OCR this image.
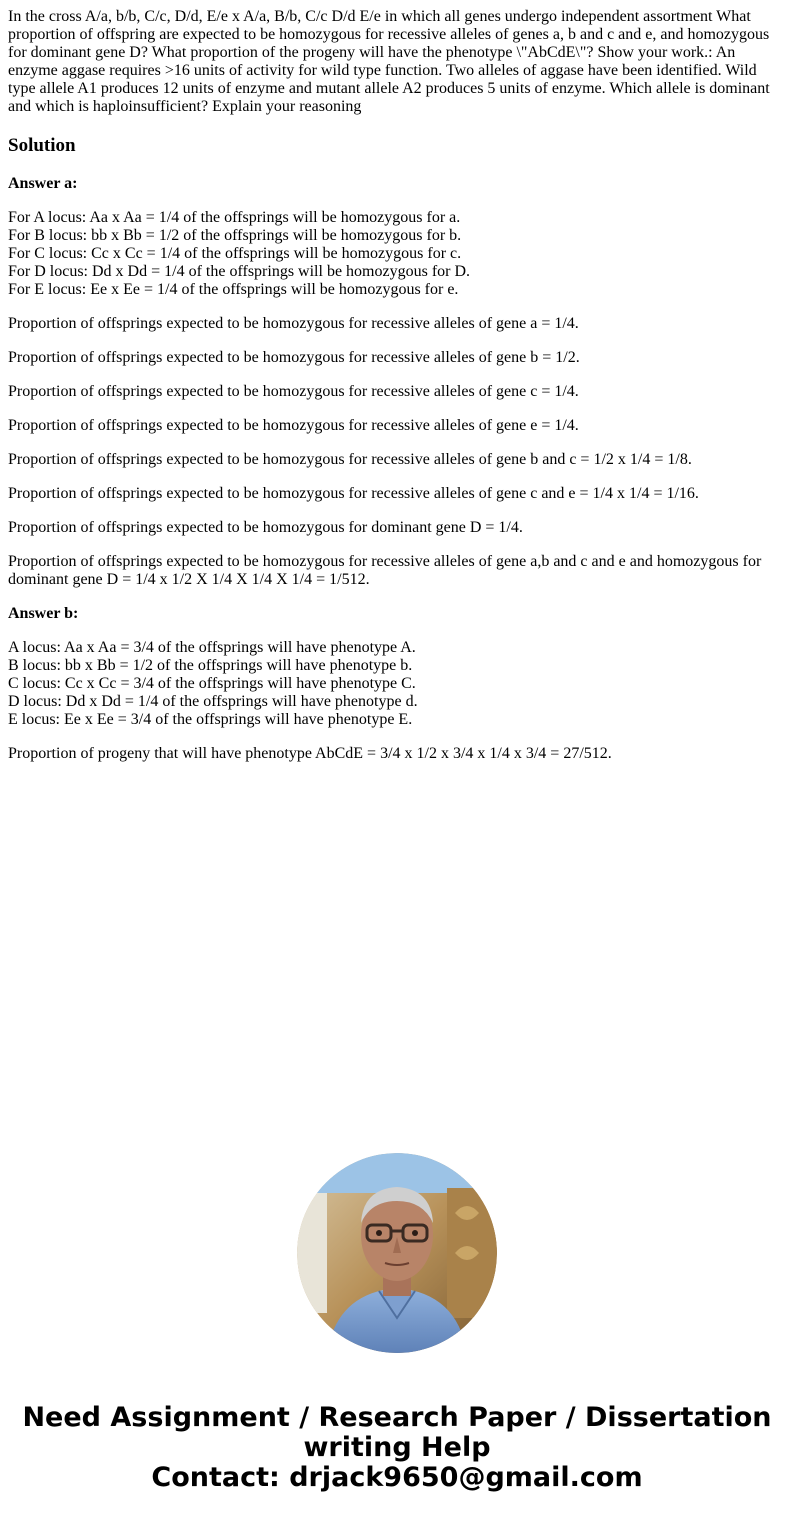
In the cross A/a, b/b, C/c, D/d, E/e x A/a, B/b, C/c D/d E/e in which all genes undergo independent assortment What proportion of offspring are expected to be homozygous for recessive alleles of genes a, b and c and e, and homozygous for dominant gene D? What proportion of the progeny will have the phenotype \"AbCdE\"? Show your work.: An enzyme aggase requires >16 units of activity for wild type function. Two alleles of aggase have been identified. Wild type allele A1 produces 12 units of enzyme and mutant allele A2 produces 5 units of enzyme. Which allele is dominant and which is haploinsufficient? Explain your reasoning
Solution

Answer a:

For A locus: Aa x Aa = 1/4 of the offsprings will be homozygous for a.

For B locus: bb x Bb = 1/2 of the offsprings will be homozygous for b.

For C locus: Cc x Cc = 1/4 of the offsprings will be homozygous for c.

For D locus: Dd x Dd = 1/4 of the offsprings will be homozygous for D.

For E locus: Ee x Ee = 1/4 of the offsprings will be homozygous for e.

Proportion of offsprings expected to be homozygous for recessive alleles of gene a = 1/4.

Proportion of offsprings expected to be homozygous for recessive alleles of gene b = 1/2.

Proportion of offsprings expected to be homozygous for recessive alleles of gene c = 1/4.

Proportion of offsprings expected to be homozygous for recessive alleles of gene e = 1/4.

Proportion of offsprings expected to be homozygous for recessive alleles of gene b and c = 1/2 x 1/4 = 1/8.

Proportion of offsprings expected to be homozygous for recessive alleles of gene c and e = 1/4 x 1/4 = 1/16.

Proportion of offsprings expected to be homozygous for dominant gene D = 1/4.

Proportion of offsprings expected to be homozygous for recessive alleles of gene a,b and c and e and homozygous for dominant gene D = 1/4 x 1/2 X 1/4 X 1/4 X 1/4 = 1/512.

Answer b:

A locus: Aa x Aa = 3/4 of the offsprings will have phenotype A.

B locus: bb x Bb = 1/2 of the offsprings will have phenotype b.

C locus: Cc x Cc = 3/4 of the offsprings will have phenotype C.

D locus: Dd x Dd = 1/4 of the offsprings will have phenotype d.

E locus: Ee x Ee = 3/4 of the offsprings will have phenotype E.

Proportion of progeny that will have phenotype AbCdE = 3/4 x 1/2 x 3/4 x 1/4 x 3/4 = 27/512.

Need Assignment / Research Paper / Dissertation
writing Help
Contact: drjack9650@gmail.com
